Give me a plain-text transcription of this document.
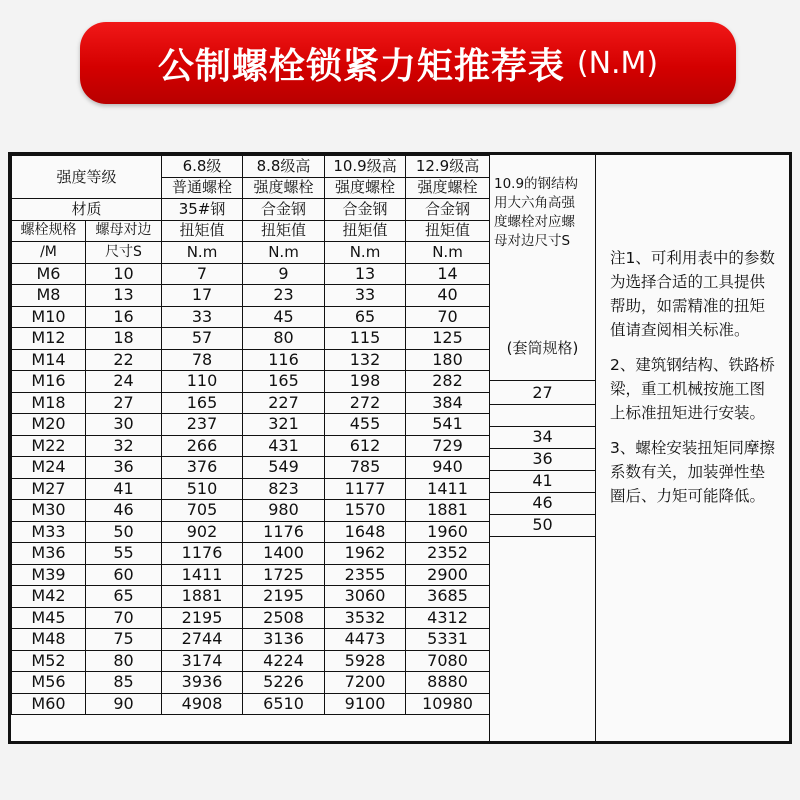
公制螺栓锁紧力矩推荐表 (N.M)
强度等级		6.8级	8.8级高	10.9级高	12.9级高
		普通螺栓	强度螺栓	强度螺栓	强度螺栓
材质		35#钢	合金钢	合金钢	合金钢
螺栓规格	螺母对边	扭矩值	扭矩值	扭矩值	扭矩值
/M	尺寸S	N.m	N.m	N.m	N.m
M6	10	7	9	13	14
M8	13	17	23	33	40
M10	16	33	45	65	70
M12	18	57	80	115	125
M14	22	78	116	132	180
M16	24	110	165	198	282
M18	27	165	227	272	384
M20	30	237	321	455	541
M22	32	266	431	612	729
M24	36	376	549	785	940
M27	41	510	823	1177	1411
M30	46	705	980	1570	1881
M33	50	902	1176	1648	1960
M36	55	1176	1400	1962	2352
M39	60	1411	1725	2355	2900
M42	65	1881	2195	3060	3685
M45	70	2195	2508	3532	4312
M48	75	2744	3136	4473	5331
M52	80	3174	4224	5928	7080
M56	85	3936	5226	7200	8880
M60	90	4908	6510	9100	10980
10.9的钢结构
用大六角高强
度螺栓对应螺
母对边尺寸S
(套筒规格)
27
34
36
41
46
50

注1、可利用表中的参数为选择合适的工具提供帮助，如需精准的扭矩值请查阅相关标准。

2、建筑钢结构、铁路桥梁，重工机械按施工图上标准扭矩进行安装。

3、螺栓安装扭矩同摩擦系数有关，加装弹性垫圈后、力矩可能降低。
